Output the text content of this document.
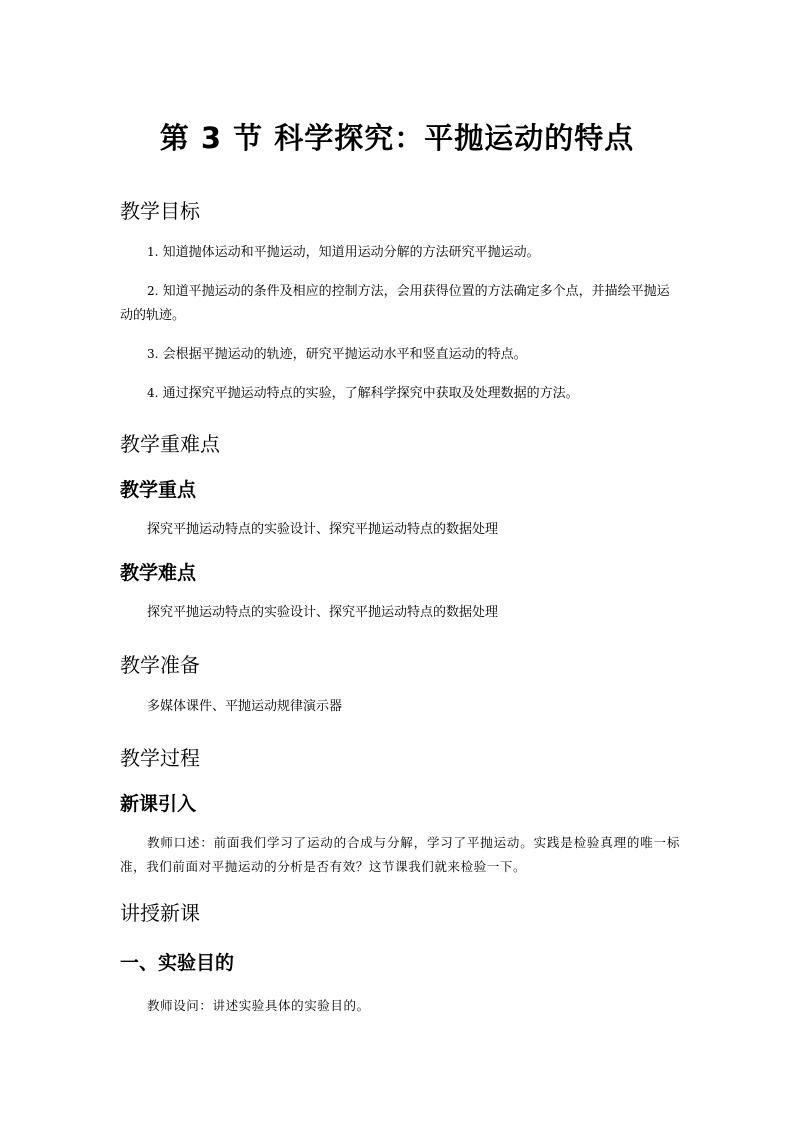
第 3 节 科学探究：平抛运动的特点
教学目标
1. 知道抛体运动和平抛运动，知道用运动分解的方法研究平抛运动。
2. 知道平抛运动的条件及相应的控制方法，会用获得位置的方法确定多个点，并描绘平抛运动的轨迹。
3. 会根据平抛运动的轨迹，研究平抛运动水平和竖直运动的特点。
4. 通过探究平抛运动特点的实验，了解科学探究中获取及处理数据的方法。
教学重难点
教学重点
探究平抛运动特点的实验设计、探究平抛运动特点的数据处理
教学难点
探究平抛运动特点的实验设计、探究平抛运动特点的数据处理
教学准备
多媒体课件、平抛运动规律演示器
教学过程
新课引入
教师口述：前面我们学习了运动的合成与分解，学习了平抛运动。实践是检验真理的唯一标准，我们前面对平抛运动的分析是否有效？这节课我们就来检验一下。
讲授新课
一、实验目的
教师设问：讲述实验具体的实验目的。
